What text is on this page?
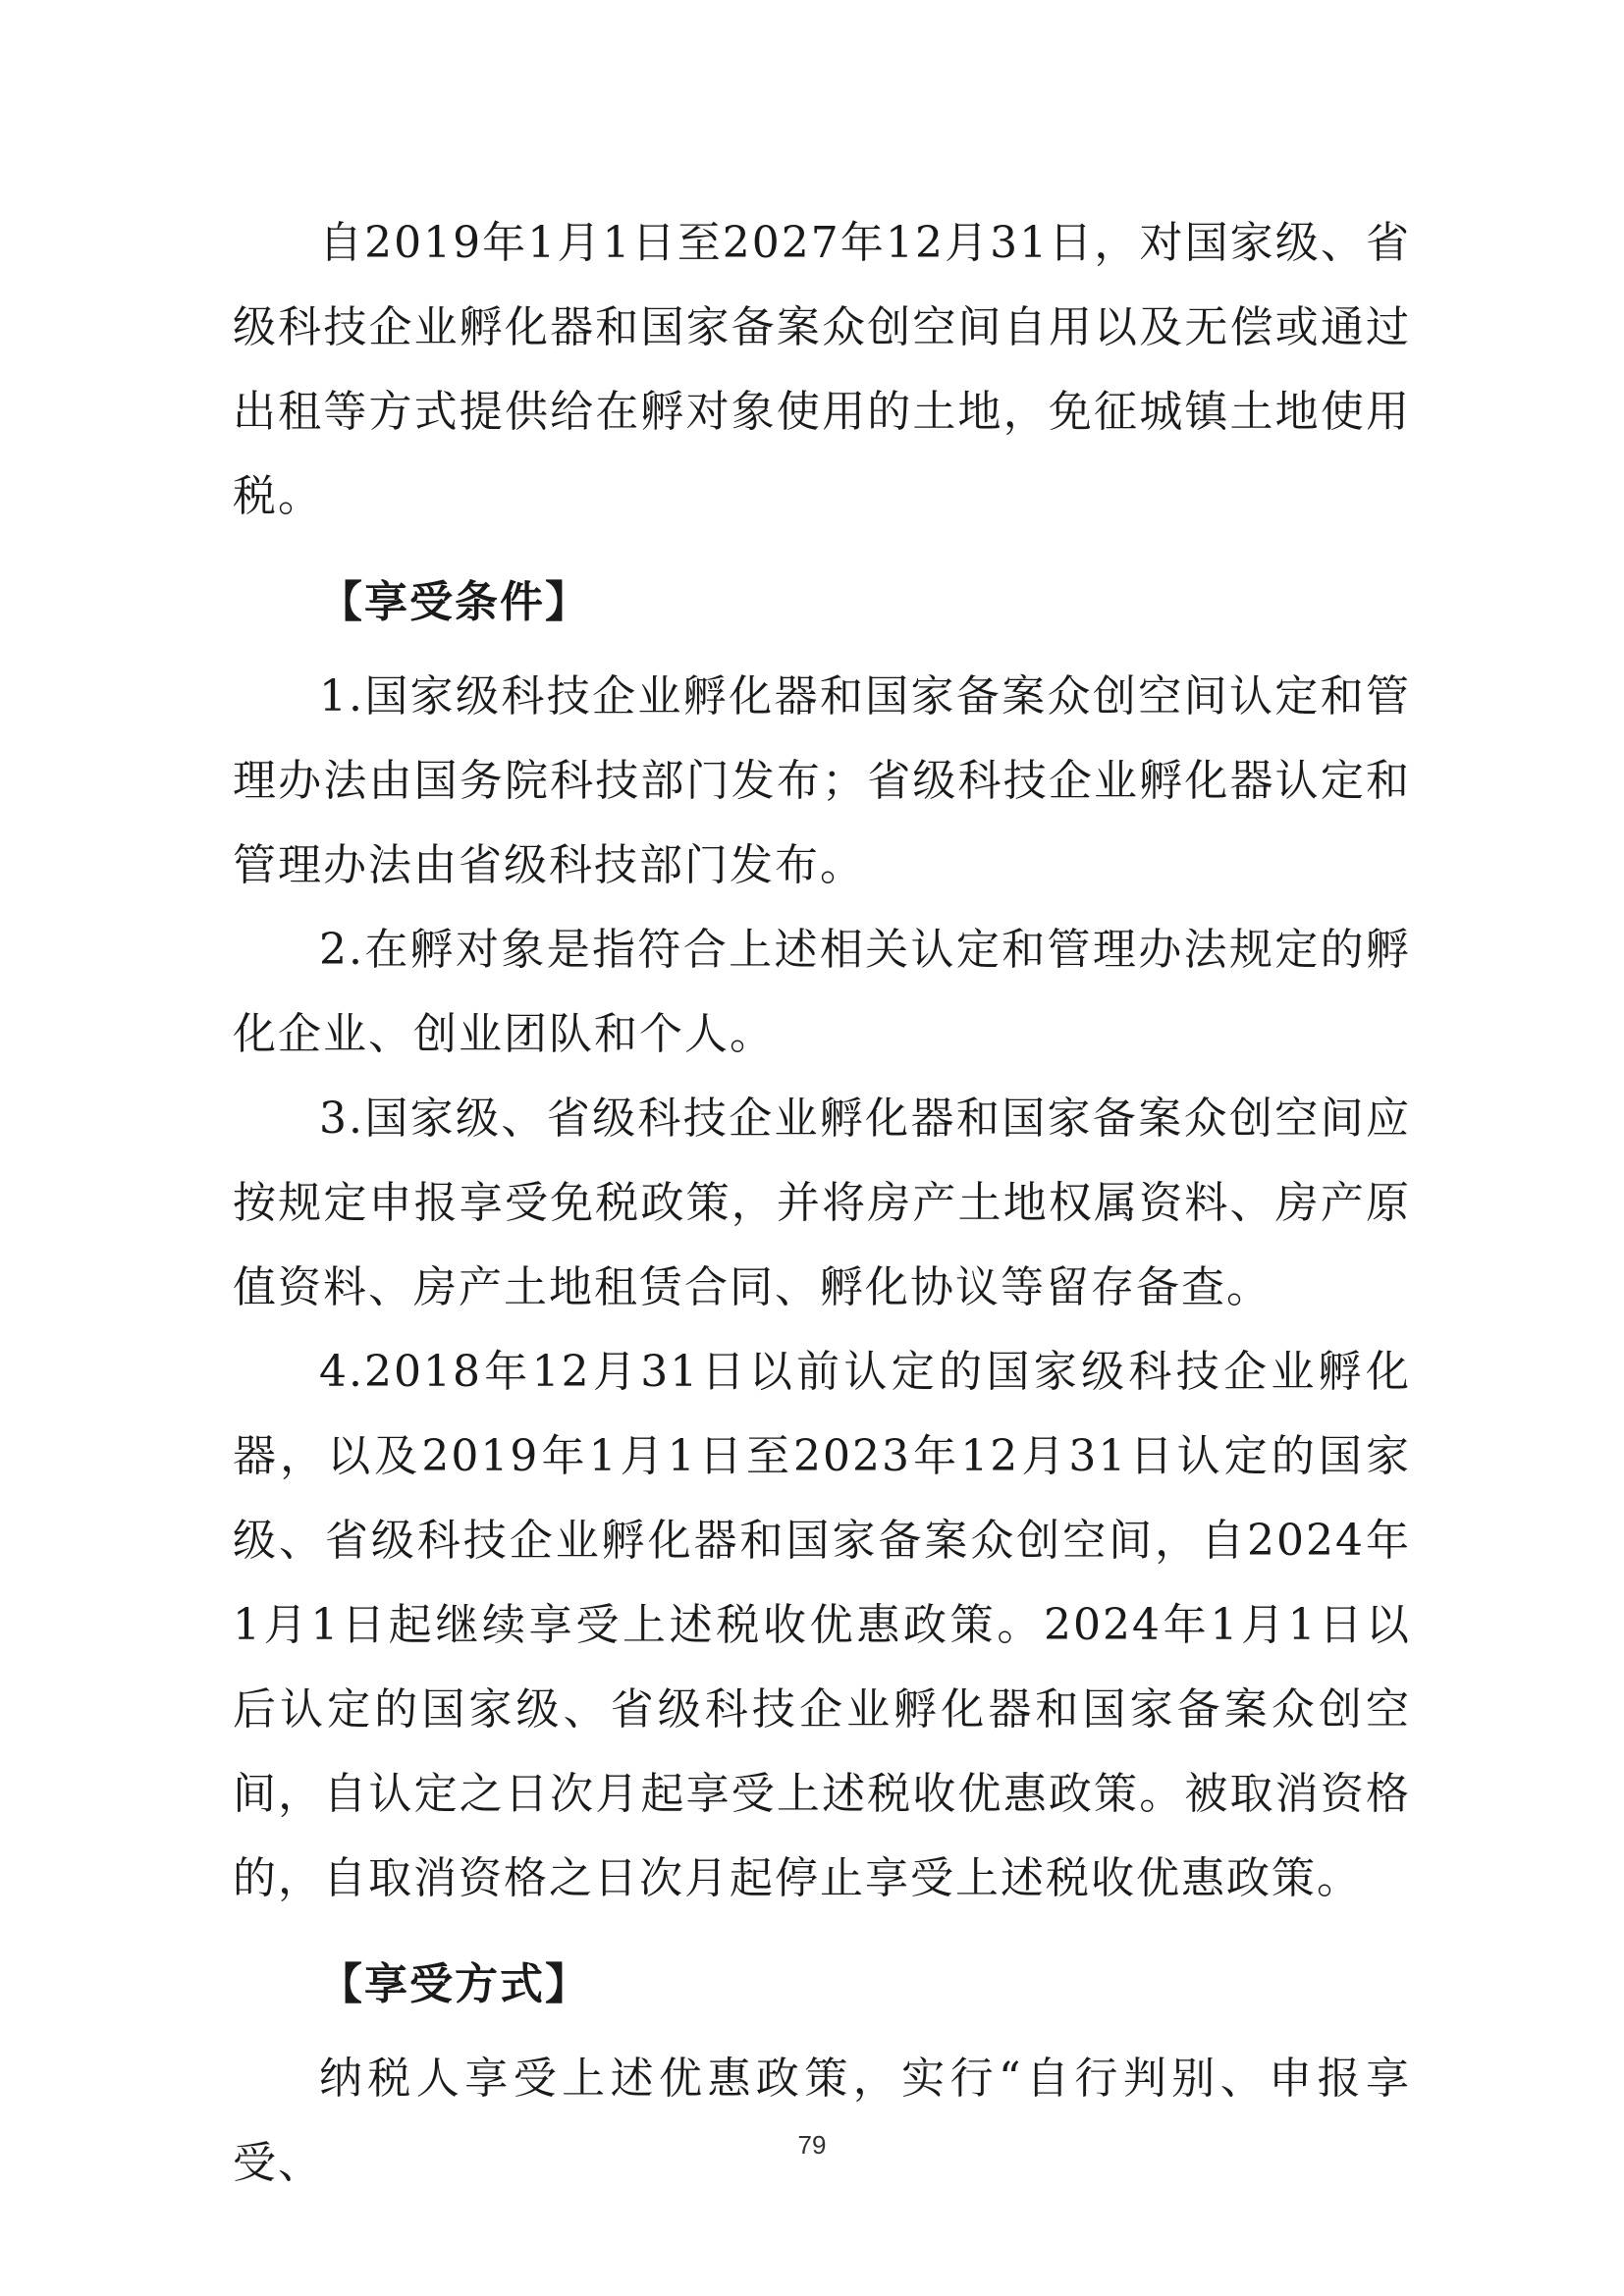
自2019年1月1日至2027年12月31日，对国家级、省级科技企业孵化器和国家备案众创空间自用以及无偿或通过出租等方式提供给在孵对象使用的土地，免征城镇土地使用税。

【享受条件】

1.国家级科技企业孵化器和国家备案众创空间认定和管理办法由国务院科技部门发布；省级科技企业孵化器认定和管理办法由省级科技部门发布。

2.在孵对象是指符合上述相关认定和管理办法规定的孵化企业、创业团队和个人。

3.国家级、省级科技企业孵化器和国家备案众创空间应按规定申报享受免税政策，并将房产土地权属资料、房产原值资料、房产土地租赁合同、孵化协议等留存备查。

4.2018年12月31日以前认定的国家级科技企业孵化器，以及2019年1月1日至2023年12月31日认定的国家级、省级科技企业孵化器和国家备案众创空间，自2024年1月1日起继续享受上述税收优惠政策。2024年1月1日以后认定的国家级、省级科技企业孵化器和国家备案众创空间，自认定之日次月起享受上述税收优惠政策。被取消资格的，自取消资格之日次月起停止享受上述税收优惠政策。

【享受方式】

纳税人享受上述优惠政策，实行“自行判别、申报享受、	79
